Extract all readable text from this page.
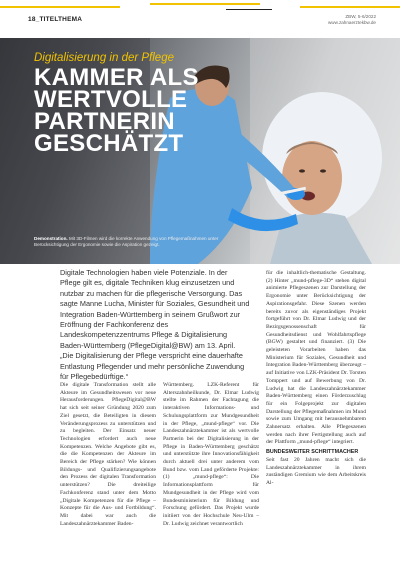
18_TITELTHEMA	ZBW, 5-6/2022
www.zahnaerztekbw.de
Digitalisierung in der Pflege
KAMMER ALS
WERTVOLLE
PARTNERIN
GESCHÄTZT
Demonstration. Mit 3D-Filmen wird die korrekte Anwendung von Pflegemaßnahmen unter Berücksichtigung der Ergonomie sowie die Aspiration gezeigt.
Digitale Technologien haben viele Potenziale. In der Pflege gilt es, digitale Techniken klug einzusetzen und nutzbar zu machen für die pflegerische Versorgung. Das sagte Manne Lucha, Minister für Soziales, Gesundheit und Integration Baden-Württemberg in seinem Grußwort zur Eröffnung der Fachkonferenz des Landeskompetenzzentrums Pflege & Digitalisierung Baden-Württemberg (PflegeDigital@BW) am 13. April. „Die Digitalisierung der Pflege verspricht eine dauerhafte Entlastung Pflegender und mehr persönliche Zuwendung für Pflegebedürftige.“

Die digitale Transformation stellt alle Akteure im Gesundheitswesen vor neue Herausforderungen. PflegeDigital@BW hat sich seit seiner Gründung 2020 zum Ziel gesetzt, die Beteiligten in diesem Veränderungsprozess zu unterstützen und zu begleiten. Der Einsatz neuer Technologien erfordert auch neue Kompetenzen. Welche Angebote gibt es, die die Kompetenzen der Akteure im Bereich der Pflege stärken? Wie können Bildungs- und Qualifizierungsangebote den Prozess der digitalen Transformation unterstützen? Die dreiteilige Fachkonferenz stand unter dem Motto „Digitale Kompetenzen für die Pflege – Konzepte für die Aus- und Fortbildung“. Mit dabei war auch die Landeszahnärztekammer Baden-

Württemberg. LZK-Referent für Alterszahnheilkunde, Dr. Elmar Ludwig stellte im Rahmen der Fachtagung die interaktiven Informations- und Schulungsplattform zur Mundgesundheit in der Pflege, „mund-pflege“ vor. Die Landeszahnärztekammer ist als wertvolle Partnerin bei der Digitalisierung in der Pflege in Baden-Württemberg geschätzt und unterstützte ihre Innovationsfähigkeit durch aktuell drei unter anderem vom Bund bzw. vom Land geförderte Projekte: (1) „mund-pflege“: Die Informationsplattform für Mundgesundheit in der Pflege wird vom Bundesministerium für Bildung und Forschung gefördert. Das Projekt wurde initiiert von der Hochschule Neu-Ulm – Dr. Ludwig zeichnet verantwortlich

für die inhaltlich-thematische Gestaltung. (2) Hinter „mund-pflege-3D“ stehen digital animierte Pflegeszenen zur Darstellung der Ergonomie unter Berücksichtigung der Aspirationsgefahr. Diese Szenen werden bereits zuvor als eigenständiges Projekt fortgeführt von Dr. Elmar Ludwig und der Bezirgsgenossenschaft für Gesundheitsdienst und Wohlfahrtspflege (BGW) gestaltet und finanziert. (3) Die geleisteten Vorarbeiten haben das Ministerium für Soziales, Gesundheit und Integration Baden-Württemberg überzeugt – auf Initiative von LZK-Präsident Dr. Torsten Tomppert und auf Bewerbung von Dr. Ludwig hat die Landeszahnärztekammer Baden-Württemberg einen Förderzuschlag für ein Folgeprojekt zur digitalen Darstellung der Pflegemaßnahmen im Mund sowie zum Umgang mit herausnehmbarem Zahnersatz erhalten. Alle Pflegeszenen werden nach ihrer Fertigstellung auch auf der Plattform „mund-pflege“ integriert.

BUNDESWEITER SCHRITTMACHER

Seit fast 20 Jahren macht sich die Landeszahnärztekammer in ihrem zuständigen Gremium wie dem Arbeitskreis Al-
